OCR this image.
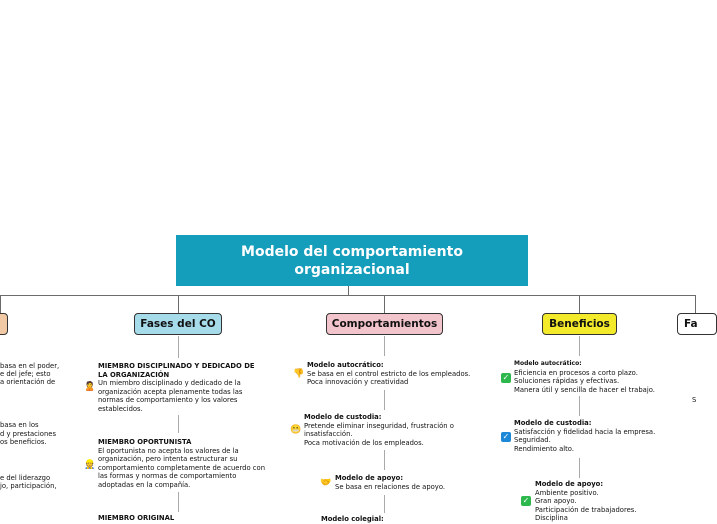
Modelo del comportamiento organizacional
Fases del CO	Comportamientos	Beneficios	Fa
basa en el poder,
e del jefe; esto
a orientación de
basa en los
d y prestaciones
os beneficios.
e del liderazgo
jo, participación,
🙎
MIEMBRO DISCIPLINADO Y DEDICADO DE
LA ORGANIZACIÓN
Un miembro disciplinado y dedicado de la
organización acepta plenamente todas las
normas de comportamiento y los valores
establecidos.
👷
MIEMBRO OPORTUNISTA
El oportunista no acepta los valores de la
organización, pero intenta estructurar su
comportamiento completamente de acuerdo con
las formas y normas de comportamiento
adoptadas en la compañía.
MIEMBRO ORIGINAL
👎
Modelo autocrático:
Se basa en el control estricto de los empleados.
Poca innovación y creatividad
😬
Modelo de custodia:
Pretende eliminar inseguridad, frustración o
insatisfacción.
Poca motivación de los empleados.
🤝 Modelo de apoyo:
Se basa en relaciones de apoyo.
Modelo colegial:
✓
Modelo autocrático:
Eficiencia en procesos a corto plazo.
Soluciones rápidas y efectivas.
Manera útil y sencilla de hacer el trabajo.
✓
Modelo de custodia:
Satisfacción y fidelidad hacia la empresa.
Seguridad.
Rendimiento alto.
✓
Modelo de apoyo:
Ambiente positivo.
Gran apoyo.
Participación de trabajadores.
Disciplina
S
